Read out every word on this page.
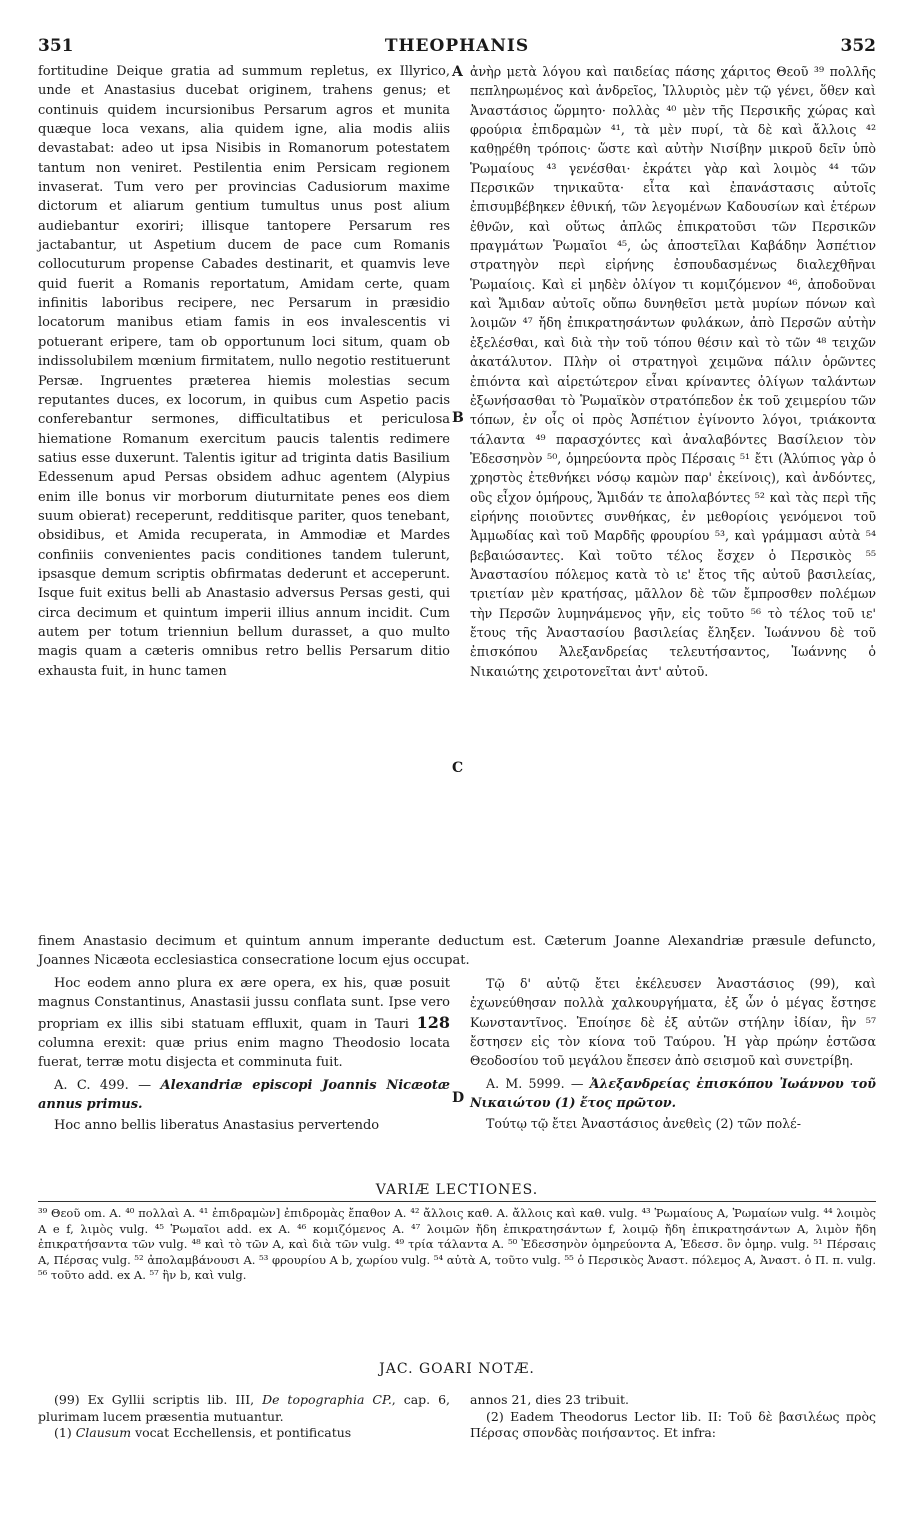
351	THEOPHANIS	352

fortitudine Deique gratia ad summum repletus, ex Illyrico, unde et Anastasius ducebat originem, trahens genus; et continuis quidem incursionibus Persarum agros et munita quæque loca vexans, alia quidem igne, alia modis aliis devastabat: adeo ut ipsa Nisibis in Romanorum potestatem tantum non veniret. Pestilentia enim Persicam regionem invaserat. Tum vero per provincias Cadusiorum maxime dictorum et aliarum gentium tumultus unus post alium audiebantur exoriri; illisque tantopere Persarum res jactabantur, ut Aspetium ducem de pace cum Romanis collocuturum propense Cabades destinarit, et quamvis leve quid fuerit a Romanis reportatum, Amidam certe, quam infinitis laboribus recipere, nec Persarum in præsidio locatorum manibus etiam famis in eos invalescentis vi potuerant eripere, tam ob opportunum loci situm, quam ob indissolubilem mœnium firmitatem, nullo negotio restituerunt Persæ. Ingruentes præterea hiemis molestias secum reputantes duces, ex locorum, in quibus cum Aspetio pacis conferebantur sermones, difficultatibus et periculosa hiematione Romanum exercitum paucis talentis redimere satius esse duxerunt. Talentis igitur ad triginta datis Basilium Edessenum apud Persas obsidem adhuc agentem (Alypius enim ille bonus vir morborum diuturnitate penes eos diem suum obierat) receperunt, redditisque pariter, quos tenebant, obsidibus, et Amida recuperata, in Ammodiæ et Mardes confiniis convenientes pacis conditiones tandem tulerunt, ipsasque demum scriptis obfirmatas dederunt et acceperunt. Isque fuit exitus belli ab Anastasio adversus Persas gesti, qui circa decimum et quintum imperii illius annum incidit. Cum autem per totum trienniun bellum durasset, a quo multo magis quam a cæteris omnibus retro bellis Persarum ditio exhausta fuit, in hunc tamen

A
B
C
D

ἀνὴρ μετὰ λόγου καὶ παιδείας πάσης χάριτος Θεοῦ ³⁹ πολλῆς πεπληρωμένος καὶ ἀνδρεῖος, Ἰλλυριὸς μὲν τῷ γένει, ὅθεν καὶ Ἀναστάσιος ὥρμητο· πολλὰς ⁴⁰ μὲν τῆς Περσικῆς χώρας καὶ φρούρια ἐπιδραμὼν ⁴¹, τὰ μὲν πυρί, τὰ δὲ καὶ ἄλλοις ⁴² καθῃρέθη τρόποις· ὥστε καὶ αὐτὴν Νισίβην μικροῦ δεῖν ὑπὸ Ῥωμαίους ⁴³ γενέσθαι· ἐκράτει γὰρ καὶ λοιμὸς ⁴⁴ τῶν Περσικῶν τηνικαῦτα· εἶτα καὶ ἐπανάστασις αὐτοῖς ἐπισυμβέβηκεν ἐθνική, τῶν λεγομένων Καδουσίων καὶ ἑτέρων ἐθνῶν, καὶ οὕτως ἁπλῶς ἐπικρατοῦσι τῶν Περσικῶν πραγμάτων Ῥωμαῖοι ⁴⁵, ὡς ἀποστεῖλαι Καβάδην Ἀσπέτιον στρατηγὸν περὶ εἰρήνης ἐσπουδασμένως διαλεχθῆναι Ῥωμαίοις. Καὶ εἰ μηδὲν ὀλίγον τι κομιζόμενον ⁴⁶, ἀποδοῦναι καὶ Ἄμιδαν αὐτοῖς οὔπω δυνηθεῖσι μετὰ μυρίων πόνων καὶ λοιμῶν ⁴⁷ ἤδη ἐπικρατησάντων φυλάκων, ἀπὸ Περσῶν αὐτὴν ἐξελέσθαι, καὶ διὰ τὴν τοῦ τόπου θέσιν καὶ τὸ τῶν ⁴⁸ τειχῶν ἀκατάλυτον. Πλὴν οἱ στρατηγοὶ χειμῶνα πάλιν ὁρῶντες ἐπιόντα καὶ αἱρετώτερον εἶναι κρίναντες ὀλίγων ταλάντων ἐξωνήσασθαι τὸ Ῥωμαϊκὸν στρατόπεδον ἐκ τοῦ χειμερίου τῶν τόπων, ἐν οἷς οἱ πρὸς Ἀσπέτιον ἐγίνοντο λόγοι, τριάκοντα τάλαντα ⁴⁹ παρασχόντες καὶ ἀναλαβόντες Βασίλειον τὸν Ἐδεσσηνὸν ⁵⁰, ὁμηρεύοντα πρὸς Πέρσαις ⁵¹ ἔτι (Ἀλύπιος γὰρ ὁ χρηστὸς ἐτεθνήκει νόσῳ καμὼν παρ' ἐκείνοις), καὶ ἀνδόντες, οὓς εἶχον ὁμήρους, Ἄμιδάν τε ἀπολαβόντες ⁵² καὶ τὰς περὶ τῆς εἰρήνης ποιοῦντες συνθήκας, ἐν μεθορίοις γενόμενοι τοῦ Ἀμμωδίας καὶ τοῦ Μαρδῆς φρουρίου ⁵³, καὶ γράμμασι αὐτὰ ⁵⁴ βεβαιώσαντες. Καὶ τοῦτο τέλος ἔσχεν ὁ Περσικὸς ⁵⁵ Ἀναστασίου πόλεμος κατὰ τὸ ιε' ἔτος τῆς αὐτοῦ βασιλείας, τριετίαν μὲν κρατήσας, μᾶλλον δὲ τῶν ἔμπροσθεν πολέμων τὴν Περσῶν λυμηνάμενος γῆν, εἰς τοῦτο ⁵⁶ τὸ τέλος τοῦ ιε' ἔτους τῆς Ἀναστασίου βασιλείας ἔληξεν. Ἰωάννου δὲ τοῦ ἐπισκόπου Ἀλεξανδρείας τελευτήσαντος, Ἰωάννης ὁ Νικαιώτης χειροτονεῖται ἀντ' αὐτοῦ.

finem Anastasio decimum et quintum annum imperante deductum est. Cæterum Joanne Alexandriæ præsule defuncto, Joannes Nicæota ecclesiastica consecratione locum ejus occupat.

Hoc eodem anno plura ex ære opera, ex his, quæ posuit magnus Constantinus, Anastasii jussu conflata sunt. Ipse vero propriam ex illis sibi statuam effluxit, quam in Tauri 128 columna erexit: quæ prius enim magno Theodosio locata fuerat, terræ motu disjecta et comminuta fuit.

A. C. 499. — Alexandriæ episcopi Joannis Nicæotæ annus primus.

Hoc anno bellis liberatus Anastasius pervertendo

Τῷ δ' αὐτῷ ἔτει ἐκέλευσεν Ἀναστάσιος (99), καὶ ἐχωνεύθησαν πολλὰ χαλκουργήματα, ἐξ ὧν ὁ μέγας ἔστησε Κωνσταντῖνος. Ἐποίησε δὲ ἐξ αὐτῶν στήλην ἰδίαν, ἣν ⁵⁷ ἔστησεν εἰς τὸν κίονα τοῦ Ταύρου. Ἡ γὰρ πρώην ἑστῶσα Θεοδοσίου τοῦ μεγάλου ἔπεσεν ἀπὸ σεισμοῦ καὶ συνετρίβη.

A. M. 5999. — Ἀλεξανδρείας ἐπισκόπου Ἰωάννου τοῦ Νικαιώτου (1) ἔτος πρῶτον.

Τούτῳ τῷ ἔτει Ἀναστάσιος ἀνεθεὶς (2) τῶν πολέ-

VARIÆ LECTIONES.
³⁹ Θεοῦ om. A. ⁴⁰ πολλαὶ A. ⁴¹ ἐπιδραμὼν] ἐπιδρομὰς ἔπαθον A. ⁴² ἄλλοις καθ. A. ἄλλοις καὶ καθ. vulg. ⁴³ Ῥωμαίους A, Ῥωμαίων vulg. ⁴⁴ λοιμὸς A e f, λιμὸς vulg. ⁴⁵ Ῥωμαῖοι add. ex A. ⁴⁶ κομιζόμενος A. ⁴⁷ λοιμῶν ἤδη ἐπικρατησάντων f, λοιμῷ ἤδη ἐπικρατησάντων A, λιμὸν ἤδη ἐπικρατήσαντα τῶν vulg. ⁴⁸ καὶ τὸ τῶν A, καὶ διὰ τῶν vulg. ⁴⁹ τρία τάλαντα A. ⁵⁰ Ἐδεσσηνὸν ὁμηρεύοντα A, Ἐδεσσ. ὃν ὁμηρ. vulg. ⁵¹ Πέρσαις A, Πέρσας vulg. ⁵² ἀπολαμβάνουσι A. ⁵³ φρουρίου A b, χωρίου vulg. ⁵⁴ αὐτὰ A, τοῦτο vulg. ⁵⁵ ὁ Περσικὸς Ἀναστ. πόλεμος A, Ἀναστ. ὁ Π. π. vulg. ⁵⁶ τοῦτο add. ex A. ⁵⁷ ἣν b, καὶ vulg.
JAC. GOARI NOTÆ.

(99) Ex Gyllii scriptis lib. III, De topographia CP., cap. 6, plurimam lucem præsentia mutuantur.

(1) Clausum vocat Ecchellensis, et pontificatus

annos 21, dies 23 tribuit.

(2) Eadem Theodorus Lector lib. II: Τοῦ δὲ βασιλέως πρὸς Πέρσας σπονδὰς ποιήσαντος. Et infra:
